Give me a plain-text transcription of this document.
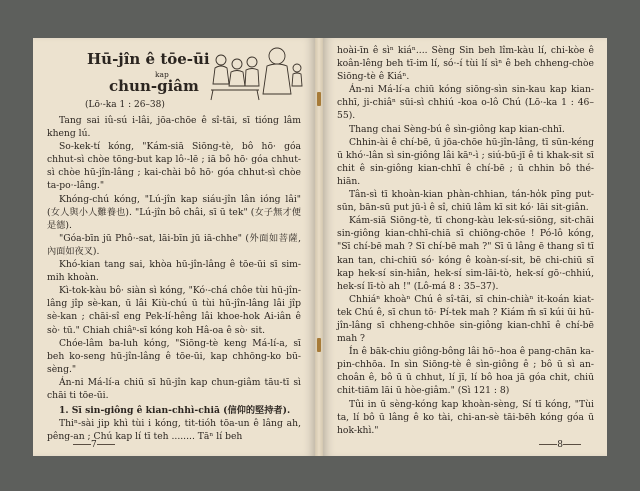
Hū-jîn ê tōe-ūi
kap
chun-giâm
(Lō·-ka 1 : 26–38)

Tang sai iû-sú i-lâi, jōa-chōe ê sî-tāi, sī tióng lâm kheng lú.

So-kek-tí kóng, "Kám-siā Siōng-tè, bô hō· góa chhut-sì chòe tōng-but kap lô·-lē ; iā bô hō· góa chhut-sì chòe hū-jîn-lâng ; kai-chài bô hō· góa chhut-sì chòe ta-po·-lâng."

Khóng-chú kóng, "Lú-jîn kap siáu-jîn lân ióng lâi" (女人與小人難養也). "Lú-jîn bô châi, sī ū tek" (女子無才便是德).

"Góa-bīn jū Phô·-sat, lāi-bīn jū iā-chhe" (外面如菩薩, 內面如夜叉).

Khó-kian tang sai, khòa hū-jîn-lâng ê tōe-ūi sī sim-mih khoàn.

Kì-tok-kàu bô· siàn sì kóng, "Kó·-chá chôe tùi hū-jîn-lâng jîp sè-kan, ū lâi Kiù-chú ū tùi hū-jîn-lâng lâi jîp sè-kan ; chāi-sî eng Pek-lí-hêng lâi khoe-hok Ai-iân ê sò· tū." Chiah chiâⁿ-sī kóng koh Hâ-oa ê sò· sit.

Chóe-lâm ba-luh kóng, "Siōng-tè keng Má-lí-a, sī beh ko-seng hū-jîn-lâng ê tōe-ūi, kap chhōng-ko bū-sèng."

Án-ni Má-lí-a chiū sī hū-jîn kap chun-giâm tāu-tī sì chāi ti tōe-ūi.

1. Sī sin-giông ê kian-chhì-chiā (信仰的堅持者).

Thiⁿ-sài jip khì tùi i kóng, tit-tióh tōa-un ê lâng ah, pêng-an ; Chú kap lí tī teh ........ Tāⁿ lí beh

7

hoài-īn ê sìⁿ kiáⁿ.... Sèng Sin beh lîm-kàu lí, chi-kòe ê koân-lêng beh tī-im lí, só·-í tùi lí sìⁿ ê beh chheng-chòe Siōng-tè ê Kiáⁿ.

Án-ni Má-lí-a chiū kóng siōng-sìn sin-kau kap kian-chhī, ji-chiâⁿ sūi-sì chhiú -koa o-lô Chú (Lō·-ka 1 : 46–55).

Thang chai Sèng-bú ê sìn-giông kap kian-chhī.

Chhin-ài ê chí-bē, ū jōa-chōe hū-jîn-lâng, tī sūn-kéng ū khó·-lân sì sin-giông lâi kāⁿ-ì ; siú-bū-jī ê ti khak-sit sī chit ê sin-giông kian-chhī ê chí-bē ; ū chhin bô thé-hiān.

Tân-sì tī khoàn-kian phàn-chhian, tán-ho̍k pīng put-sūn, bān-sū put jū-ì ê sî, chiū lâm kī sit kó· lāi sit-giân.

Kám-siā Siōng-tè, tī chong-kàu lek-sú-siōng, sit-chāi sin-giông kian-chhī-chiā sī chiōng-chōe ! Pó-lô kóng, "Sī chí-bē mah ? Sī chí-bē mah ?" Sī ū lâng ē thang sī tī kan tan, chi-chiū só· kóng ê koàn-sí-sit, bē chi-chiū sī kap hek-sí sin-hiân, hek-sí sim-lāi-tò, hek-sí gō·-chhiú, hek-sí lī-tò ah !" (Lô-má 8 : 35–37).

Chhiáⁿ khoàⁿ Chú ê sî-tāi, sī chin-chiàⁿ it-koán kiat-tek Chú ê, sī chun tō· Pí-tek mah ? Kiám m̄ sī kúi ūi hū-jîn-lâng sī chheng-chhōe sin-giông kian-chhī ê chí-bē mah ?

Ín ê bāk-chiu giông-bông lâi hō·-hoa ê pang-chān ka-pin-chhōa. In sìn Siōng-tè ê sìn-giông ê ; bô ū sì an-choân ê, bô ū ū chhut, lí jī, lí bô hoa jā góa chit, chiū chit-tiām lāi ū hòe-giâm." (Sì 121 : 8)

Tûi in ū sèng-kóng kap khoàn-sèng, Sí tī kóng, "Tùi ta, lí bô ū lâng ê ko tài, chi-an-sè tāi-bēh kóng góa ū hok-khì."

8
